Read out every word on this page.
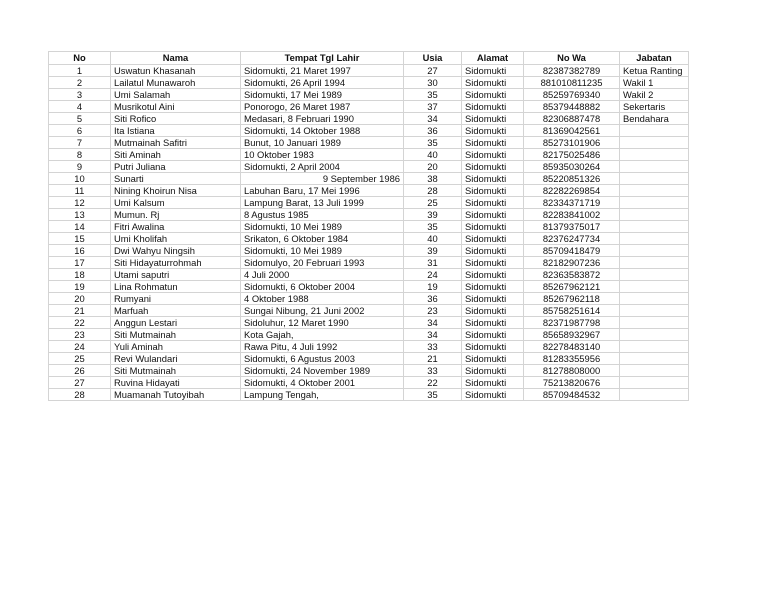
No	Nama	Tempat Tgl Lahir	Usia	Alamat	No Wa	Jabatan
1	Uswatun Khasanah	Sidomukti, 21 Maret 1997	27	Sidomukti	82387382789	Ketua Ranting
2	Lailatul Munawaroh	Sidomukti, 26 April 1994	30	Sidomukti	881010811235	Wakil 1
3	Umi Salamah	Sidomukti, 17 Mei 1989	35	Sidomukti	85259769340	Wakil 2
4	Musrikotul Aini	Ponorogo, 26 Maret 1987	37	Sidomukti	85379448882	Sekertaris
5	Siti Rofico	Medasari, 8 Februari 1990	34	Sidomukti	82306887478	Bendahara
6	Ita Istiana	Sidomukti, 14 Oktober 1988	36	Sidomukti	81369042561	
7	Mutmainah Safitri	Bunut, 10 Januari 1989	35	Sidomukti	85273101906	
8	Siti Aminah	10 Oktober 1983	40	Sidomukti	82175025486	
9	Putri Juliana	Sidomukti, 2 April 2004	20	Sidomukti	85935030264	
10	Sunarti	9 September 1986	38	Sidomukti	85220851326	
11	Nining Khoirun Nisa	Labuhan Baru, 17 Mei 1996	28	Sidomukti	82282269854	
12	Umi Kalsum	Lampung Barat, 13 Juli 1999	25	Sidomukti	82334371719	
13	Mumun. Rj	8 Agustus 1985	39	Sidomukti	82283841002	
14	Fitri Awalina	Sidomukti, 10 Mei 1989	35	Sidomukti	81379375017	
15	Umi Kholifah	Srikaton, 6 Oktober 1984	40	Sidomukti	82376247734	
16	Dwi Wahyu Ningsih	Sidomukti, 10 Mei 1989	39	Sidomukti	85709418479	
17	Siti Hidayaturrohmah	Sidomulyo, 20 Februari 1993	31	Sidomukti	82182907236	
18	Utami saputri	4 Juli 2000	24	Sidomukti	82363583872	
19	Lina Rohmatun	Sidomukti, 6 Oktober 2004	19	Sidomukti	85267962121	
20	Rumyani	4 Oktober 1988	36	Sidomukti	85267962118	
21	Marfuah	Sungai Nibung, 21 Juni 2002	23	Sidomukti	85758251614	
22	Anggun Lestari	Sidoluhur, 12 Maret 1990	34	Sidomukti	82371987798	
23	Siti Mutmainah	Kota Gajah,	34	Sidomukti	85658932967	
24	Yuli Aminah	Rawa Pitu, 4 Juli 1992	33	Sidomukti	82278483140	
25	Revi Wulandari	Sidomukti, 6 Agustus 2003	21	Sidomukti	81283355956	
26	Siti Mutmainah	Sidomukti, 24 November 1989	33	Sidomukti	81278808000	
27	Ruvina Hidayati	Sidomukti, 4 Oktober 2001	22	Sidomukti	75213820676	
28	Muamanah Tutoyibah	Lampung Tengah,	35	Sidomukti	85709484532	
